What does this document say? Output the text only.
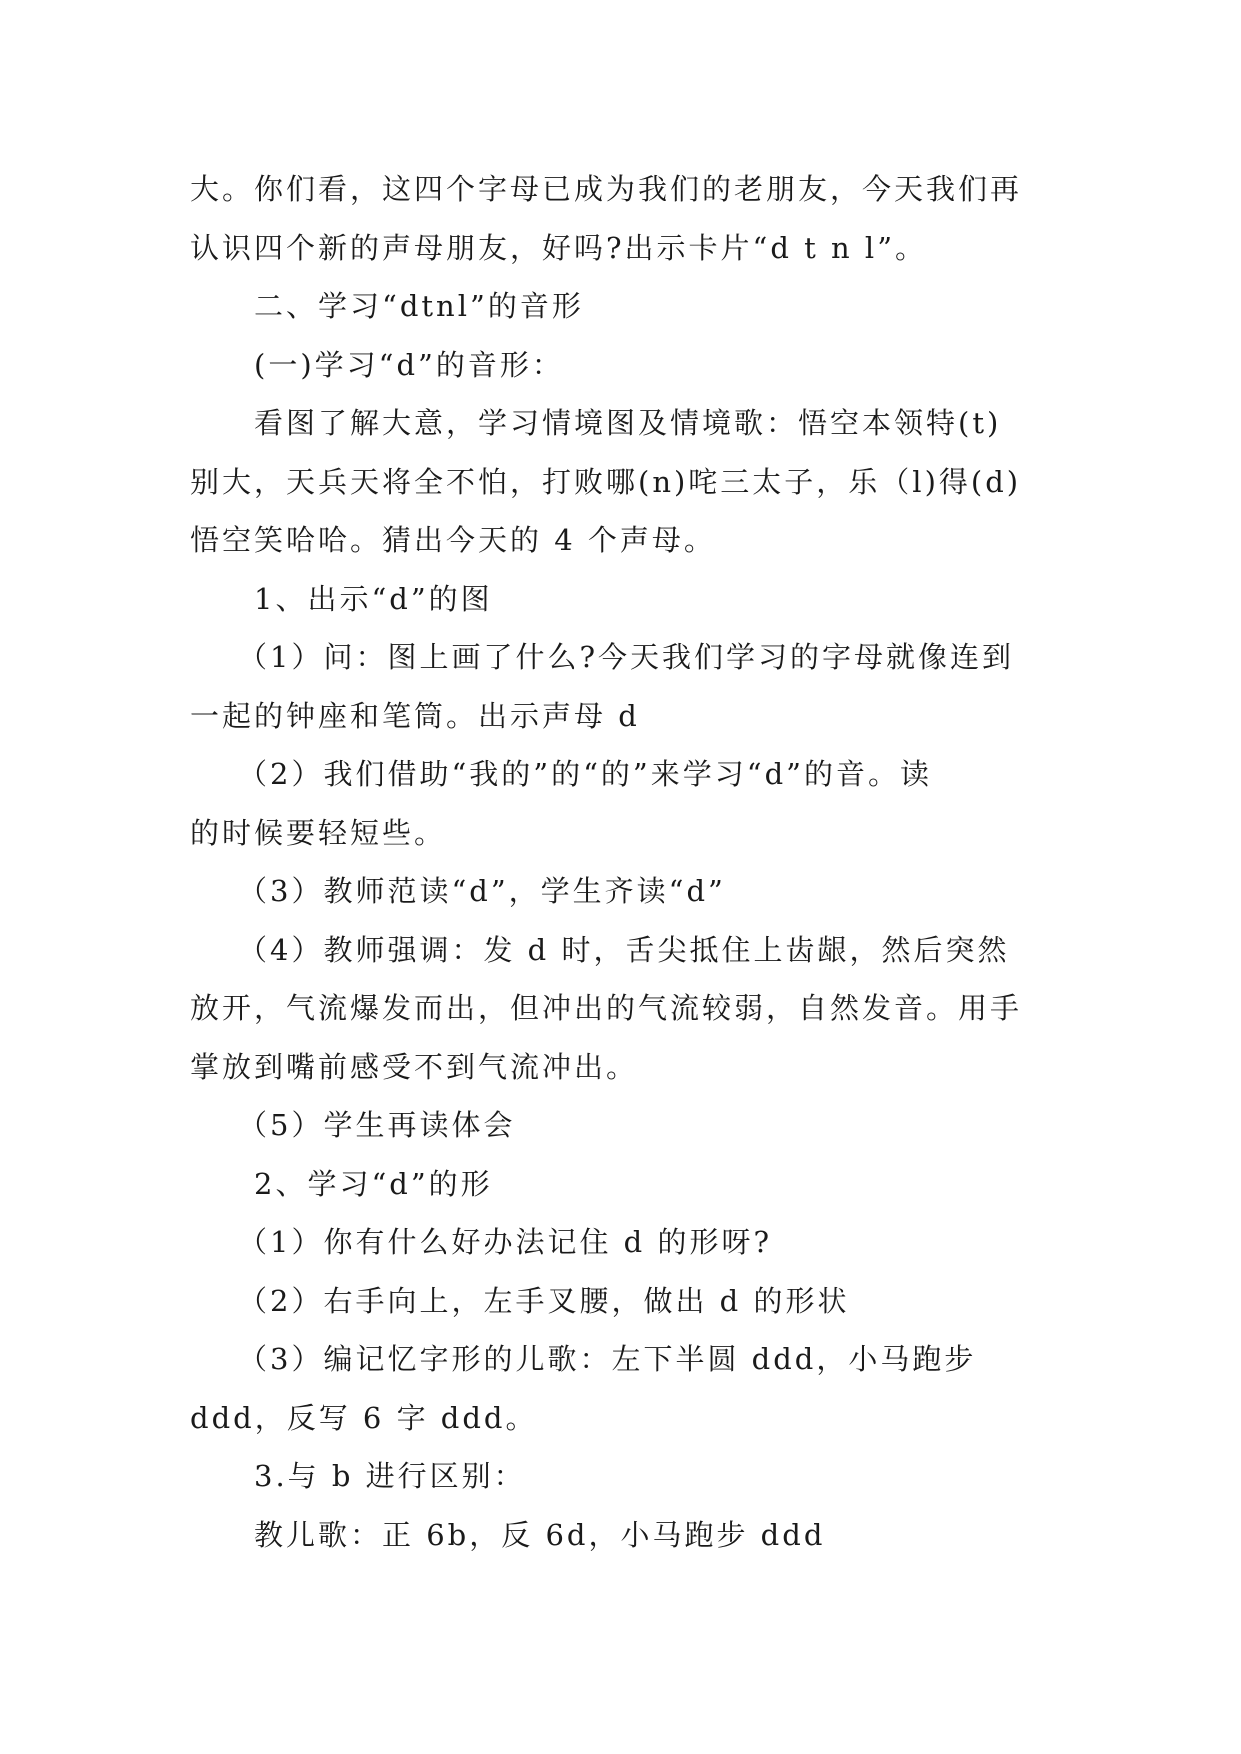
大。你们看，这四个字母已成为我们的老朋友，今天我们再

认识四个新的声母朋友，好吗?出示卡片“d t n l”。

二、学习“dtnl”的音形

(一)学习“d”的音形：

看图了解大意，学习情境图及情境歌：悟空本领特(t)

别大，天兵天将全不怕，打败哪(n)咤三太子，乐（l)得(d)

悟空笑哈哈。猜出今天的 4 个声母。

1、出示“d”的图

（1）问：图上画了什么?今天我们学习的字母就像连到

一起的钟座和笔筒。出示声母 d

（2）我们借助“我的”的“的”来学习“d”的音。读

的时候要轻短些。

（3）教师范读“d”，学生齐读“d”

（4）教师强调：发 d 时，舌尖抵住上齿龈，然后突然

放开，气流爆发而出，但冲出的气流较弱，自然发音。用手

掌放到嘴前感受不到气流冲出。

（5）学生再读体会

2、学习“d”的形

（1）你有什么好办法记住 d 的形呀?

（2）右手向上，左手叉腰，做出 d 的形状

（3）编记忆字形的儿歌：左下半圆 ddd，小马跑步

ddd，反写 6 字 ddd。

3.与 b 进行区别：

教儿歌：正 6b，反 6d，小马跑步 ddd
